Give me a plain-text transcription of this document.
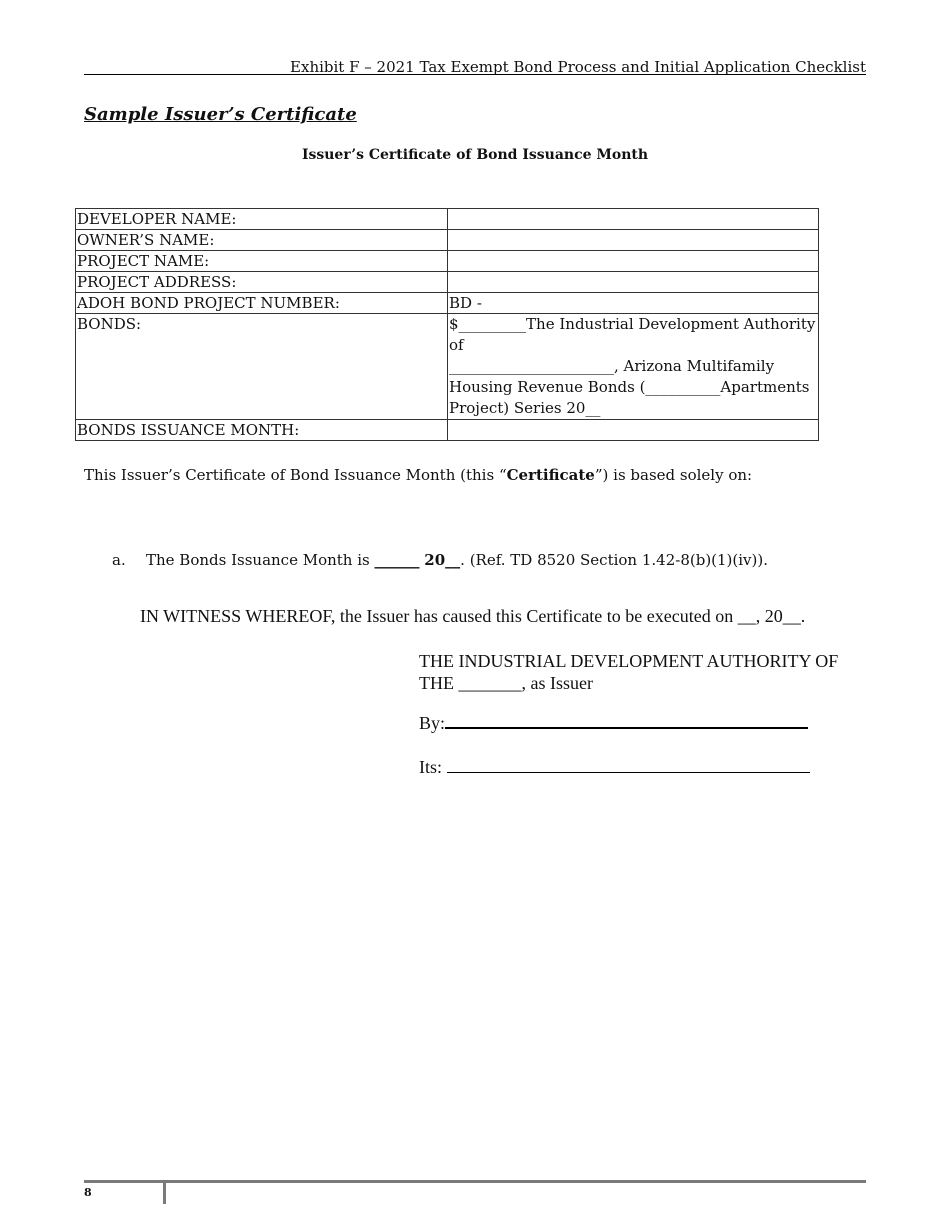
Exhibit F – 2021 Tax Exempt Bond Process and Initial Application Checklist
Sample Issuer’s Certificate
Issuer’s Certificate of Bond Issuance Month
DEVELOPER NAME:	
OWNER’S NAME:	
PROJECT NAME:	
PROJECT ADDRESS:	
ADOH BOND PROJECT NUMBER:	BD -
BONDS:	$_________The Industrial Development Authority of
______________________, Arizona Multifamily
Housing Revenue Bonds (__________Apartments
Project) Series 20__
BONDS ISSUANCE MONTH:	
This Issuer’s Certificate of Bond Issuance Month (this “Certificate”) is based solely on:
a. The Bonds Issuance Month is ______ 20__. (Ref. TD 8520 Section 1.42-8(b)(1)(iv)).
IN WITNESS WHEREOF, the Issuer has caused this Certificate to be executed on __, 20__.
THE INDUSTRIAL DEVELOPMENT AUTHORITY OF
THE _______, as Issuer
By:
Its:
8
